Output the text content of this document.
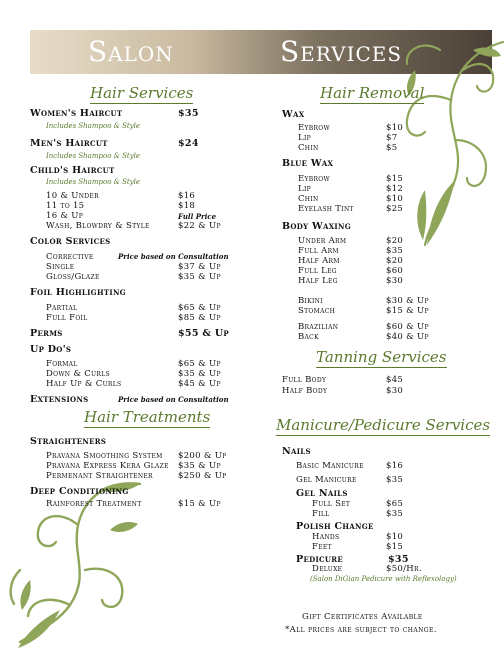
Salon	Services
Hair Services
Women's Haircut	$35
Includes Shampoo & Style
Men's Haircut	$24
Includes Shampoo & Style
Child's Haircut
Includes Shampoo & Style
10 & Under	$16
11 to 15	$18
16 & Up	Full Price
Wash, Blowdry & Style	$22 & Up
Color Services
Corrective	Price based on Consultation
Single	$37 & Up
Gloss/Glaze	$35 & Up
Foil Highlighting
Partial	$65 & Up
Full Foil	$85 & Up
Perms	$55 & Up
Up Do's
Formal	$65 & Up
Down & Curls	$35 & Up
Half Up & Curls	$45 & Up
Extensions	Price based on Consultation
Hair Treatments
Straighteners
Pravana Smoothing System $200 & Up
Pravana Express Kera Glaze $35 & Up
Permenant Straightener	$250 & Up
Deep Conditioning
Rainforest Treatment	$15 & Up
Hair Removal
Wax
Eybrow	$10
Lip	$7
Chin	$5
Blue Wax
Eybrow	$15
Lip	$12
Chin	$10
Eyelash Tint	$25
Body Waxing
Under Arm	$20
Full Arm	$35
Half Arm	$20
Full Leg	$60
Half Leg	$30
Bikini	$30 & Up
Stomach	$15 & Up
Brazilian	$60 & Up
Back	$40 & Up
Tanning Services
Full Body	$45
Half Body	$30
Manicure/Pedicure Services
Nails
Basic Manicure	$16
Gel Manicure	$35
Gel Nails
Full Set	$65
Fill	$35
Polish Change
Hands	$10
Feet	$15
Pedicure	$35
Deluxe	$50/Hr.
(Salon DiGian Pedicure with Reflexology)
Gift Certificates Available
*All prices are subject to change.
